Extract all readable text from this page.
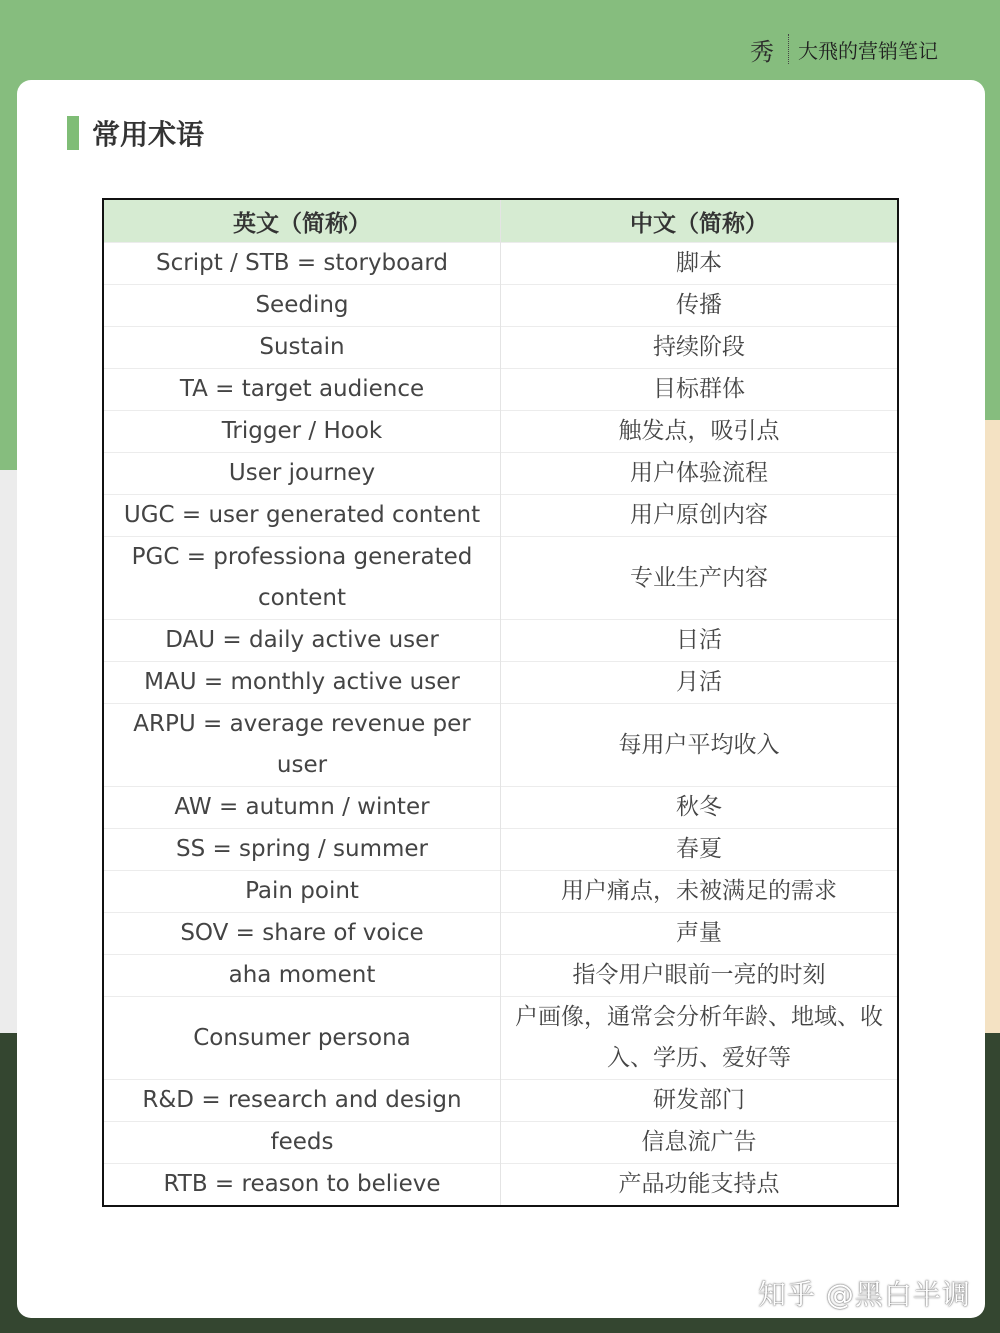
秀 大飛的营销笔记
常用术语
英文（简称）	中文（简称）
Script / STB = storyboard	脚本
Seeding	传播
Sustain	持续阶段
TA = target audience	目标群体
Trigger / Hook	触发点，吸引点
User journey	用户体验流程
UGC = user generated content	用户原创内容
PGC = professiona generated content	专业生产内容
DAU = daily active user	日活
MAU = monthly active user	月活
ARPU = average revenue per user	每用户平均收入
AW = autumn / winter	秋冬
SS = spring / summer	春夏
Pain point	用户痛点，未被满足的需求
SOV = share of voice	声量
aha moment	指令用户眼前一亮的时刻
Consumer persona	户画像，通常会分析年龄、地域、收入、学历、爱好等
R&D = research and design	研发部门
feeds	信息流广告
RTB = reason to believe	产品功能支持点
知乎 @黑白半调
